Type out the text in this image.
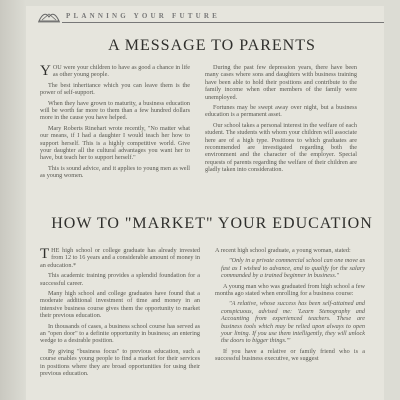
PLANNING YOUR FUTURE
A MESSAGE TO PARENTS

YOU were your children to have as good a chance in life as other young people.

The best inheritance which you can leave them is the power of self-support.

When they have grown to maturity, a business education will be worth far more to them than a few hundred dollars more in the cause you have helped.

Mary Roberts Rinehart wrote recently, "No matter what our means, if I had a daughter I would teach her how to support herself. This is a highly competitive world. Give your daughter all the cultural advantages you want her to have, but teach her to support herself."

This is sound advice, and it applies to young men as well as young women.

During the past few depression years, there have been many cases where sons and daughters with business training have been able to hold their positions and contribute to the family income when other members of the family were unemployed.

Fortunes may be swept away over night, but a business education is a permanent asset.

Our school takes a personal interest in the welfare of each student. The students with whom your children will associate here are of a high type. Positions to which graduates are recommended are investigated regarding both the environment and the character of the employer. Special requests of parents regarding the welfare of their children are gladly taken into consideration.

HOW TO "MARKET" YOUR EDUCATION

THE high school or college graduate has already invested from 12 to 16 years and a considerable amount of money in an education.*

This academic training provides a splendid foundation for a successful career.

Many high school and college graduates have found that a moderate additional investment of time and money in an intensive business course gives them the opportunity to market their previous education.

In thousands of cases, a business school course has served as an "open door" to a definite opportunity in business; an entering wedge to a desirable position.

By giving "business focus" to previous education, such a course enables young people to find a market for their services in positions where they are broad opportunities for using their previous education.

A recent high school graduate, a young woman, stated:

"Only in a private commercial school can one move as fast as I wished to advance, and to qualify for the salary commanded by a trained beginner in business."

A young man who was graduated from high school a few months ago stated when enrolling for a business course:

"A relative, whose success has been self-attained and conspicuous, advised me: 'Learn Stenography and Accounting from experienced teachers. These are business tools which may be relied upon always to open your lining. If you use them intelligently, they will unlock the doors to bigger things.'"

If you have a relative or family friend who is a successful business executive, we suggest
